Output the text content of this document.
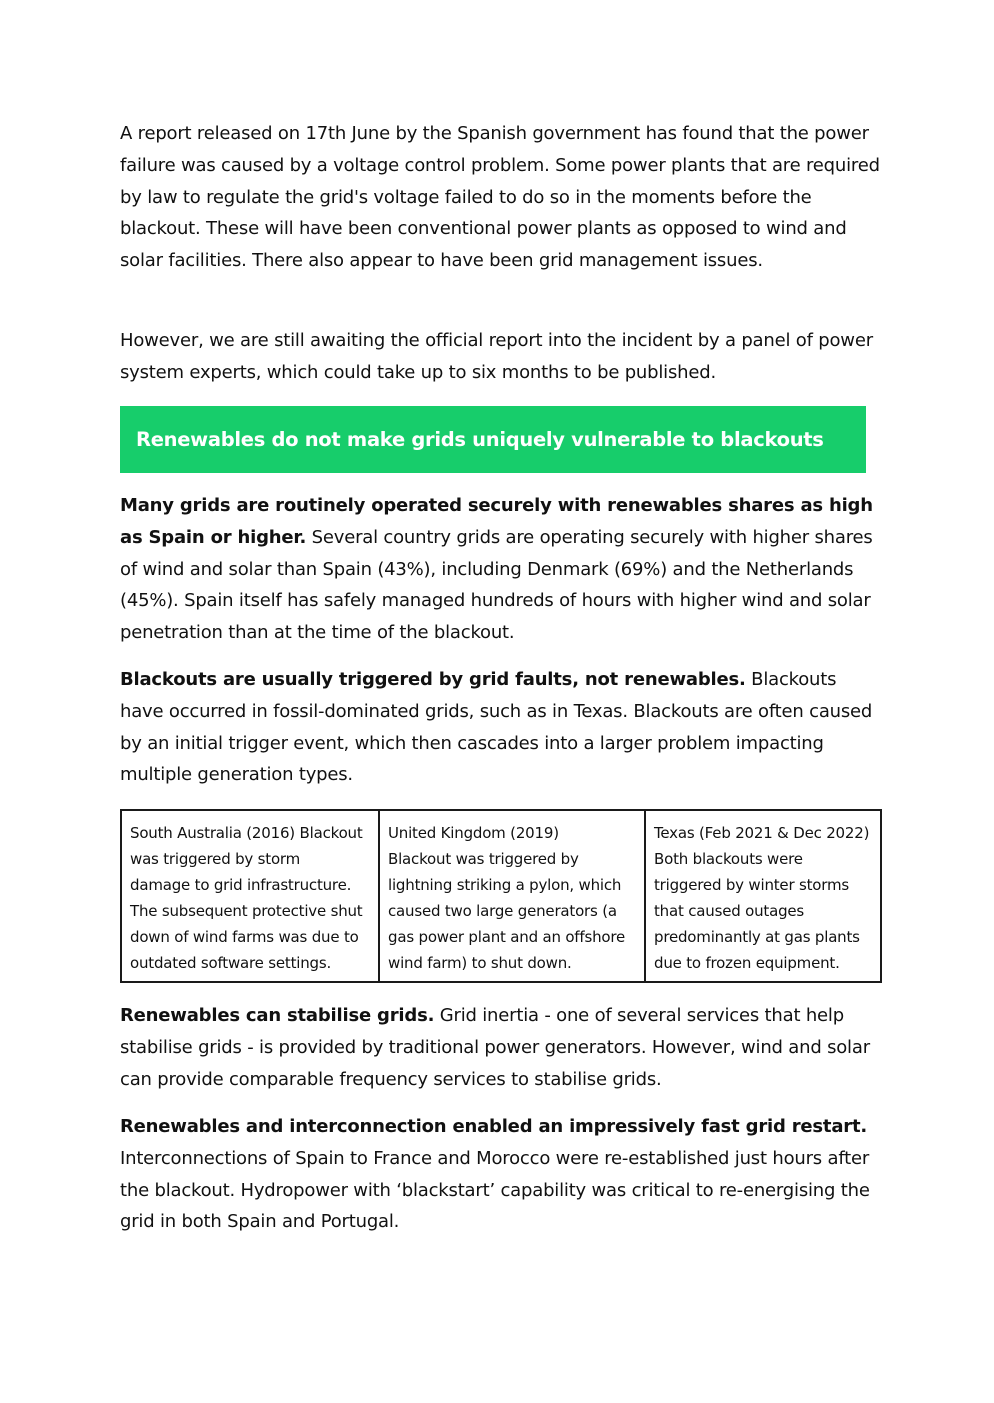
A report released on 17th June by the Spanish government has found that the power failure was caused by a voltage control problem. Some power plants that are required by law to regulate the grid's voltage failed to do so in the moments before the blackout. These will have been conventional power plants as opposed to wind and solar facilities. There also appear to have been grid management issues.

However, we are still awaiting the official report into the incident by a panel of power system experts, which could take up to six months to be published.

Renewables do not make grids uniquely vulnerable to blackouts

Many grids are routinely operated securely with renewables shares as high as Spain or higher. Several country grids are operating securely with higher shares of wind and solar than Spain (43%), including Denmark (69%) and the Netherlands (45%). Spain itself has safely managed hundreds of hours with higher wind and solar penetration than at the time of the blackout.

Blackouts are usually triggered by grid faults, not renewables. Blackouts have occurred in fossil-dominated grids, such as in Texas. Blackouts are often caused by an initial trigger event, which then cascades into a larger problem impacting multiple generation types.

South Australia (2016) Blackout
was triggered by storm
damage to grid infrastructure.
The subsequent protective shut
down of wind farms was due to
outdated software settings.

United Kingdom (2019)
Blackout was triggered by
lightning striking a pylon, which
caused two large generators (a
gas power plant and an offshore
wind farm) to shut down.

Texas (Feb 2021 & Dec 2022)
Both blackouts were
triggered by winter storms
that caused outages
predominantly at gas plants
due to frozen equipment.

Renewables can stabilise grids. Grid inertia - one of several services that help stabilise grids - is provided by traditional power generators. However, wind and solar can provide comparable frequency services to stabilise grids.

Renewables and interconnection enabled an impressively fast grid restart. Interconnections of Spain to France and Morocco were re-established just hours after the blackout. Hydropower with ‘blackstart’ capability was critical to re-energising the grid in both Spain and Portugal.
